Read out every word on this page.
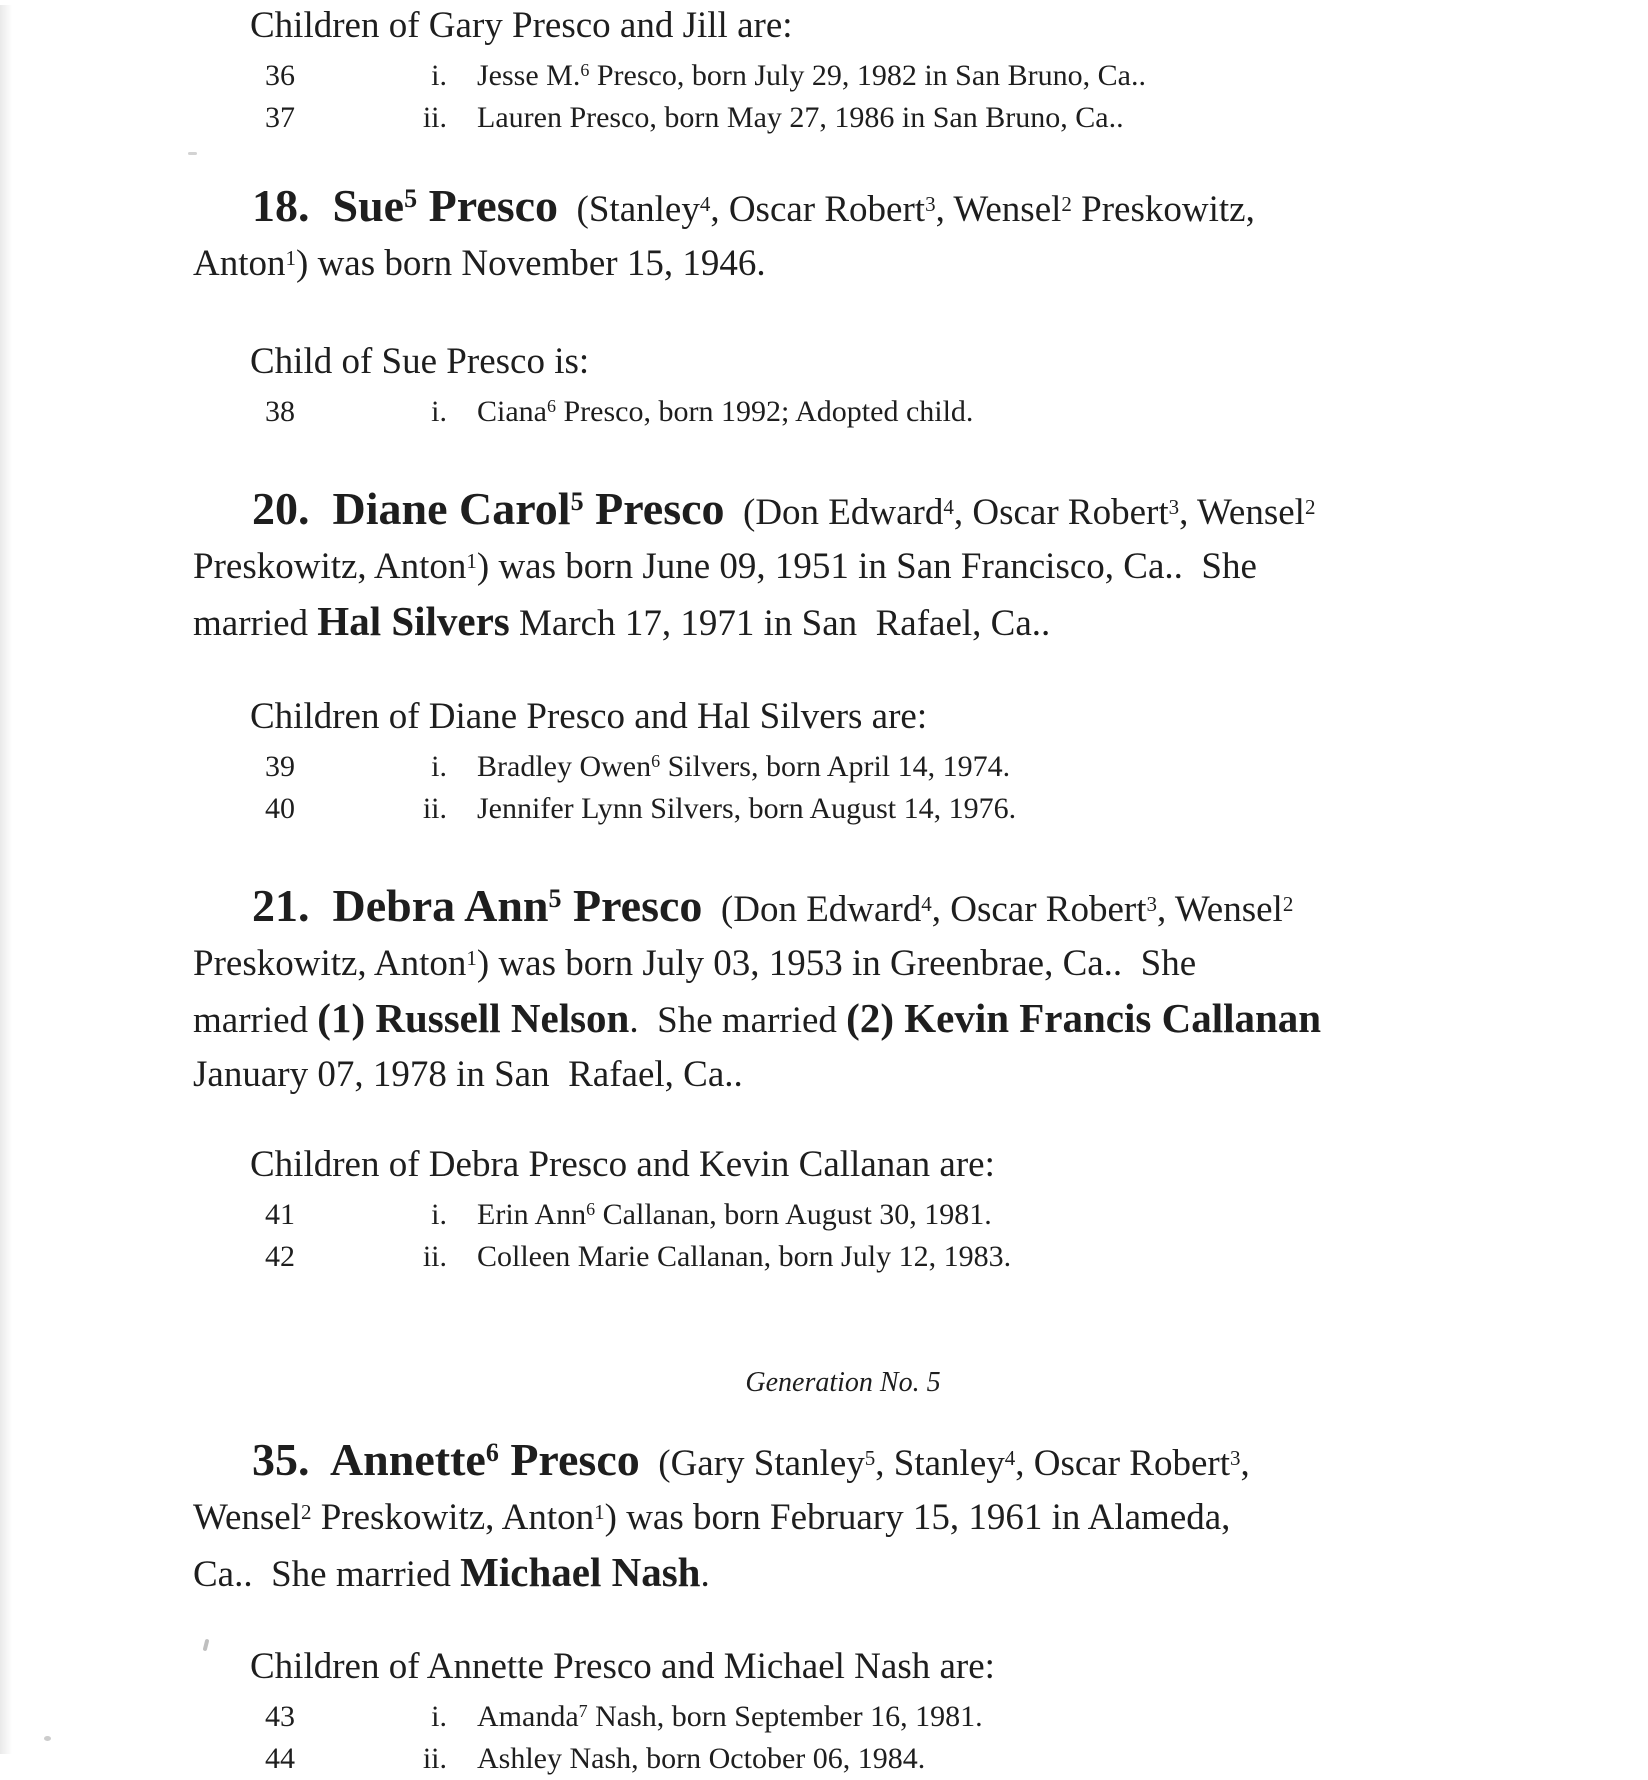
Children of Gary Presco and Jill are:
36	i. Jesse M.$^6$ Presco, born July 29, 1982 in San Bruno, Ca..
37	ii. Lauren Presco, born May 27, 1986 in San Bruno, Ca..
18.  Sue$^5$ Presco  (Stanley$^4$, Oscar Robert$^3$, Wensel$^2$ Preskowitz,
Anton$^1$) was born November 15, 1946.
Child of Sue Presco is:
38	i. Ciana$^6$ Presco, born 1992; Adopted child.
20.  Diane Carol$^5$ Presco  (Don Edward$^4$, Oscar Robert$^3$, Wensel$^2$
Preskowitz, Anton$^1$) was born June 09, 1951 in San Francisco, Ca..  She
married Hal Silvers March 17, 1971 in San  Rafael, Ca..
Children of Diane Presco and Hal Silvers are:
39	i. Bradley Owen$^6$ Silvers, born April 14, 1974.
40	ii. Jennifer Lynn Silvers, born August 14, 1976.
21.  Debra Ann$^5$ Presco  (Don Edward$^4$, Oscar Robert$^3$, Wensel$^2$
Preskowitz, Anton$^1$) was born July 03, 1953 in Greenbrae, Ca..  She
married (1) Russell Nelson.  She married (2) Kevin Francis Callanan
January 07, 1978 in San  Rafael, Ca..
Children of Debra Presco and Kevin Callanan are:
41	i. Erin Ann$^6$ Callanan, born August 30, 1981.
42	ii. Colleen Marie Callanan, born July 12, 1983.
Generation No. 5
35.  Annette$^6$ Presco  (Gary Stanley$^5$, Stanley$^4$, Oscar Robert$^3$,
Wensel$^2$ Preskowitz, Anton$^1$) was born February 15, 1961 in Alameda,
Ca..  She married Michael Nash.
Children of Annette Presco and Michael Nash are:
43	i. Amanda$^7$ Nash, born September 16, 1981.
44	ii. Ashley Nash, born October 06, 1984.
